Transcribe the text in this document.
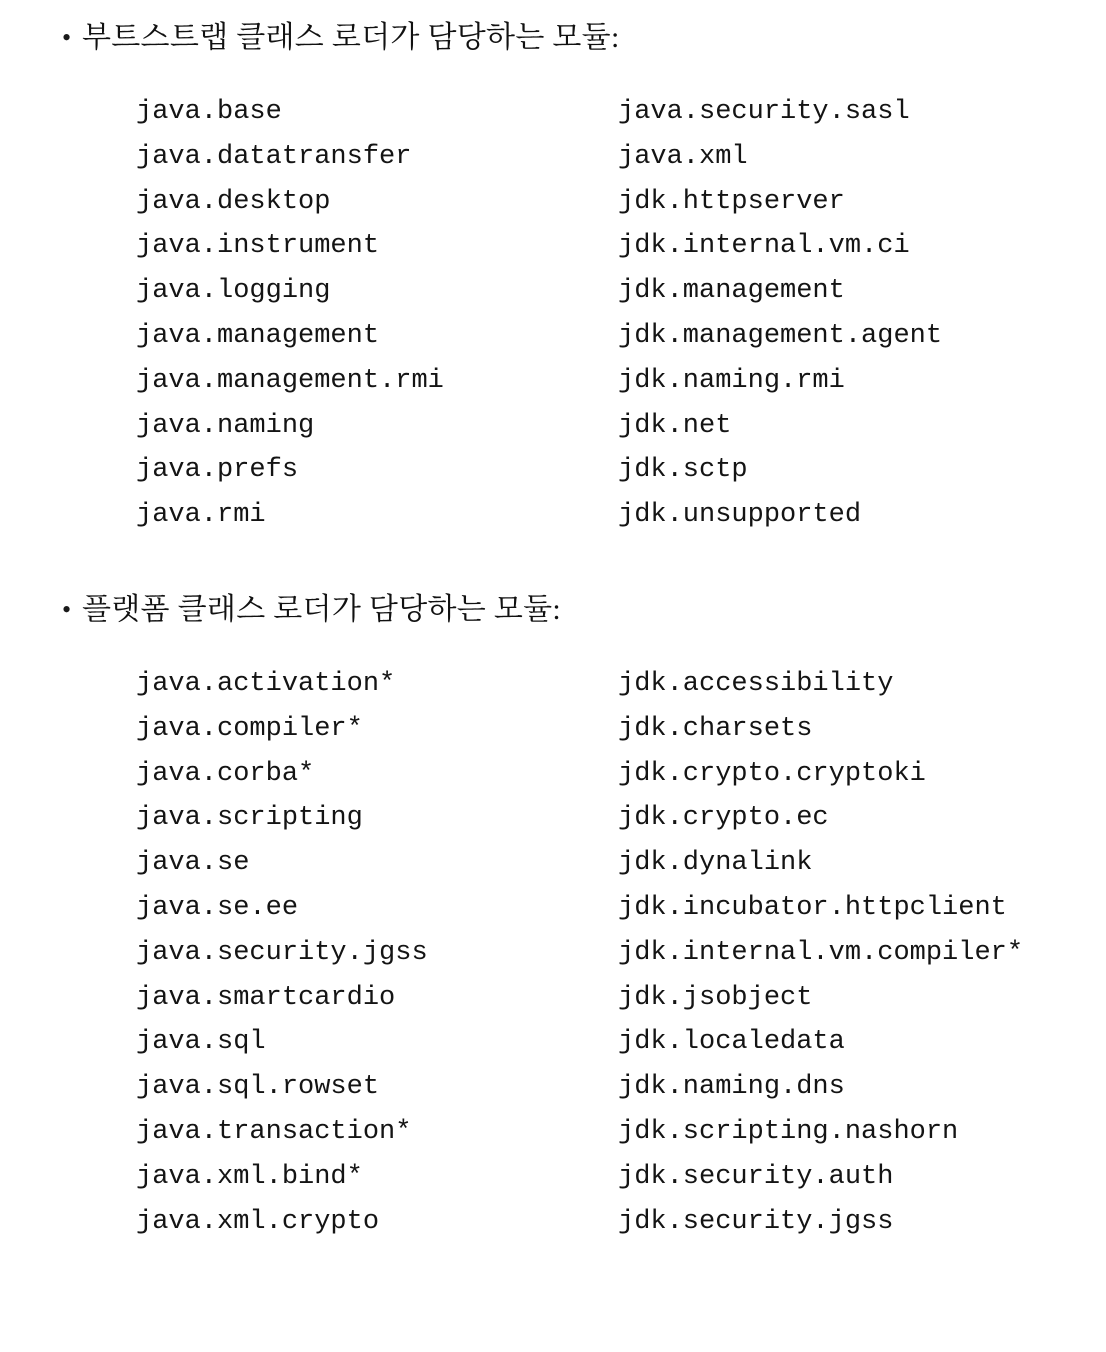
• 부트스트랩 클래스 로더가 담당하는 모듈:
java.base	java.security.sasl
java.datatransfer	java.xml
java.desktop	jdk.httpserver
java.instrument	jdk.internal.vm.ci
java.logging	jdk.management
java.management	jdk.management.agent
java.management.rmi	jdk.naming.rmi
java.naming	jdk.net
java.prefs	jdk.sctp
java.rmi	jdk.unsupported
• 플랫폼 클래스 로더가 담당하는 모듈:
java.activation*	jdk.accessibility
java.compiler*	jdk.charsets
java.corba*	jdk.crypto.cryptoki
java.scripting	jdk.crypto.ec
java.se	jdk.dynalink
java.se.ee	jdk.incubator.httpclient
java.security.jgss	jdk.internal.vm.compiler*
java.smartcardio	jdk.jsobject
java.sql	jdk.localedata
java.sql.rowset	jdk.naming.dns
java.transaction*	jdk.scripting.nashorn
java.xml.bind*	jdk.security.auth
java.xml.crypto	jdk.security.jgss
